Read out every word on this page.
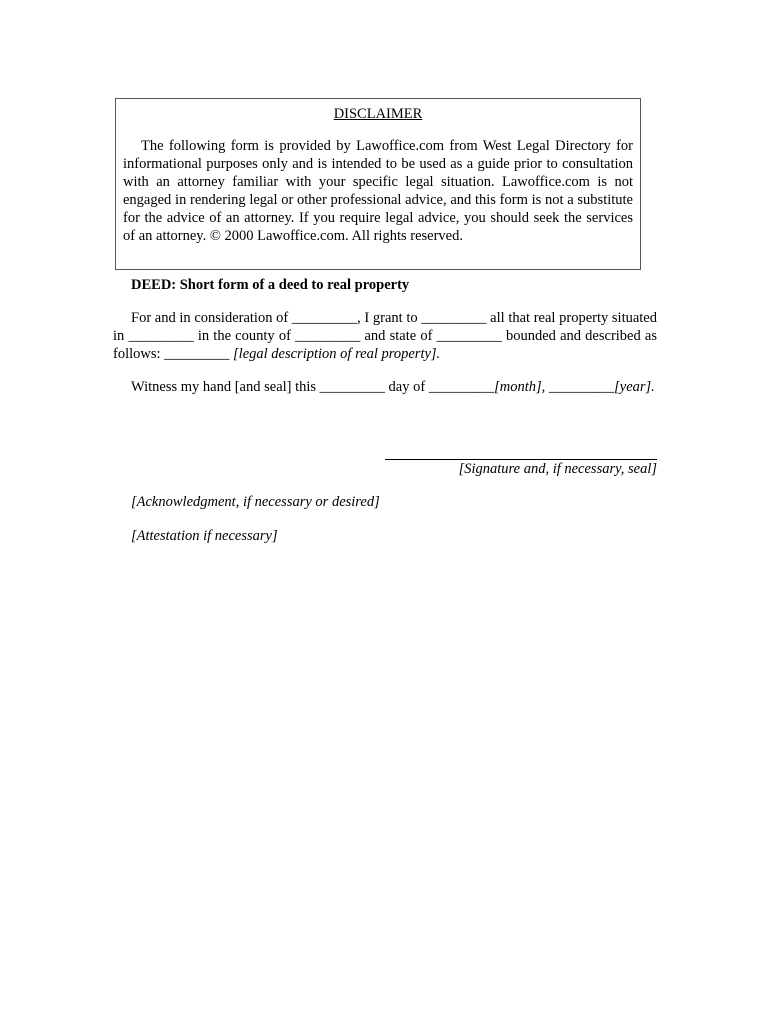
DISCLAIMER

The following form is provided by Lawoffice.com from West Legal Directory for informational purposes only and is intended to be used as a guide prior to consultation with an attorney familiar with your specific legal situation. Lawoffice.com is not engaged in rendering legal or other professional advice, and this form is not a substitute for the advice of an attorney. If you require legal advice, you should seek the services of an attorney. © 2000 Lawoffice.com. All rights reserved.

DEED: Short form of a deed to real property

For and in consideration of _________, I grant to _________ all that real property situated in _________ in the county of _________ and state of _________ bounded and described as follows: _________ [legal description of real property].

Witness my hand [and seal] this _________ day of _________[month], _________[year].

[Signature and, if necessary, seal]
[Acknowledgment, if necessary or desired]
[Attestation if necessary]
